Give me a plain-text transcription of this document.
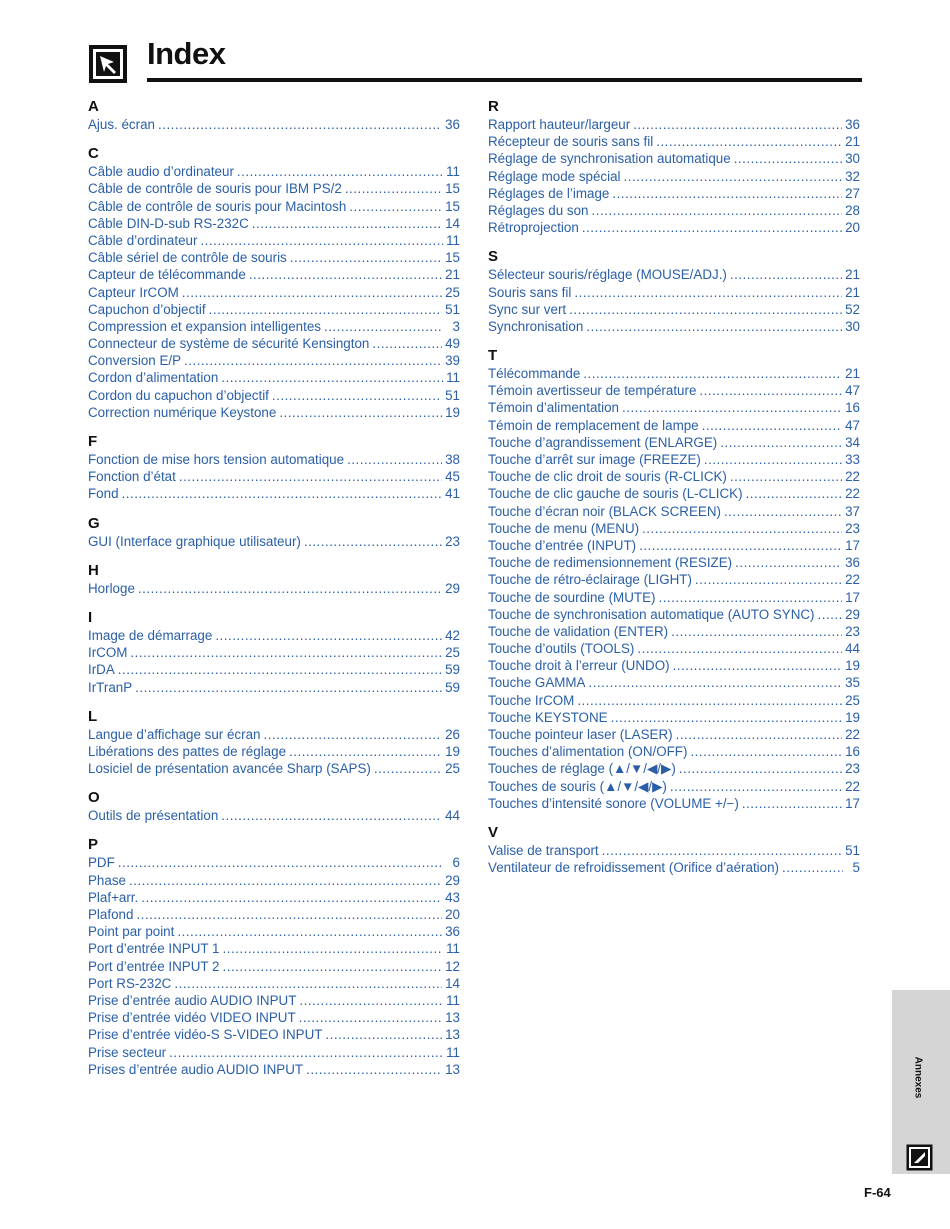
Index
A
Ajus. écran .....	36
C
Câble audio d’ordinateur .....	11
Câble de contrôle de souris pour IBM PS/2 .....	15
Câble de contrôle de souris pour Macintosh .....	15
Câble DIN-D-sub RS-232C .....	14
Câble d’ordinateur .....	11
Câble sériel de contrôle de souris .....	15
Capteur de télécommande .....	21
Capteur IrCOM .....	25
Capuchon d’objectif .....	51
Compression et expansion intelligentes .....	3
Connecteur de système de sécurité Kensington .....	49
Conversion E/P .....	39
Cordon d’alimentation .....	11
Cordon du capuchon d’objectif .....	51
Correction numérique Keystone .....	19
F
Fonction de mise hors tension automatique .....	38
Fonction d’état .....	45
Fond .....	41
G
GUI (Interface graphique utilisateur) .....	23
H
Horloge .....	29
I
Image de démarrage .....	42
IrCOM .....	25
IrDA .....	59
IrTranP .....	59
L
Langue d’affichage sur écran .....	26
Libérations des pattes de réglage .....	19
Losiciel de présentation avancée Sharp (SAPS) .....	25
O
Outils de présentation .....	44
P
PDF .....	6
Phase .....	29
Plaf+arr. .....	43
Plafond .....	20
Point par point .....	36
Port d’entrée INPUT 1 .....	11
Port d’entrée INPUT 2 .....	12
Port RS-232C .....	14
Prise d’entrée audio AUDIO INPUT .....	11
Prise d’entrée vidéo VIDEO INPUT .....	13
Prise d’entrée vidéo-S S-VIDEO INPUT .....	13
Prise secteur .....	11
Prises d’entrée audio AUDIO INPUT .....	13
R
Rapport hauteur/largeur .....	36
Récepteur de souris sans fil .....	21
Réglage de synchronisation automatique .....	30
Réglage mode spécial .....	32
Réglages de l’image .....	27
Réglages du son .....	28
Rétroprojection .....	20
S
Sélecteur souris/réglage (MOUSE/ADJ.) .....	21
Souris sans fil .....	21
Sync sur vert .....	52
Synchronisation .....	30
T
Télécommande .....	21
Témoin avertisseur de température .....	47
Témoin d’alimentation .....	16
Témoin de remplacement de lampe .....	47
Touche d’agrandissement (ENLARGE) .....	34
Touche d’arrêt sur image (FREEZE) .....	33
Touche de clic droit de souris (R-CLICK) .....	22
Touche de clic gauche de souris (L-CLICK) .....	22
Touche d’écran noir (BLACK SCREEN) .....	37
Touche de menu (MENU) .....	23
Touche d’entrée (INPUT) .....	17
Touche de redimensionnement (RESIZE) .....	36
Touche de rétro-éclairage (LIGHT) .....	22
Touche de sourdine (MUTE) .....	17
Touche de synchronisation automatique (AUTO SYNC) ..... 29
Touche de validation (ENTER) .....	23
Touche d’outils (TOOLS) .....	44
Touche droit à l’erreur (UNDO) .....	19
Touche GAMMA .....	35
Touche IrCOM .....	25
Touche KEYSTONE .....	19
Touche pointeur laser (LASER) .....	22
Touches d’alimentation (ON/OFF) .....	16
Touches de réglage (▲/▼/◀/▶) .....	23
Touches de souris (▲/▼/◀/▶) .....	22
Touches d’intensité sonore (VOLUME +/−) .....	17
V
Valise de transport .....	51
Ventilateur de refroidissement (Orifice d’aération) .....	5
Annexes
F-64
